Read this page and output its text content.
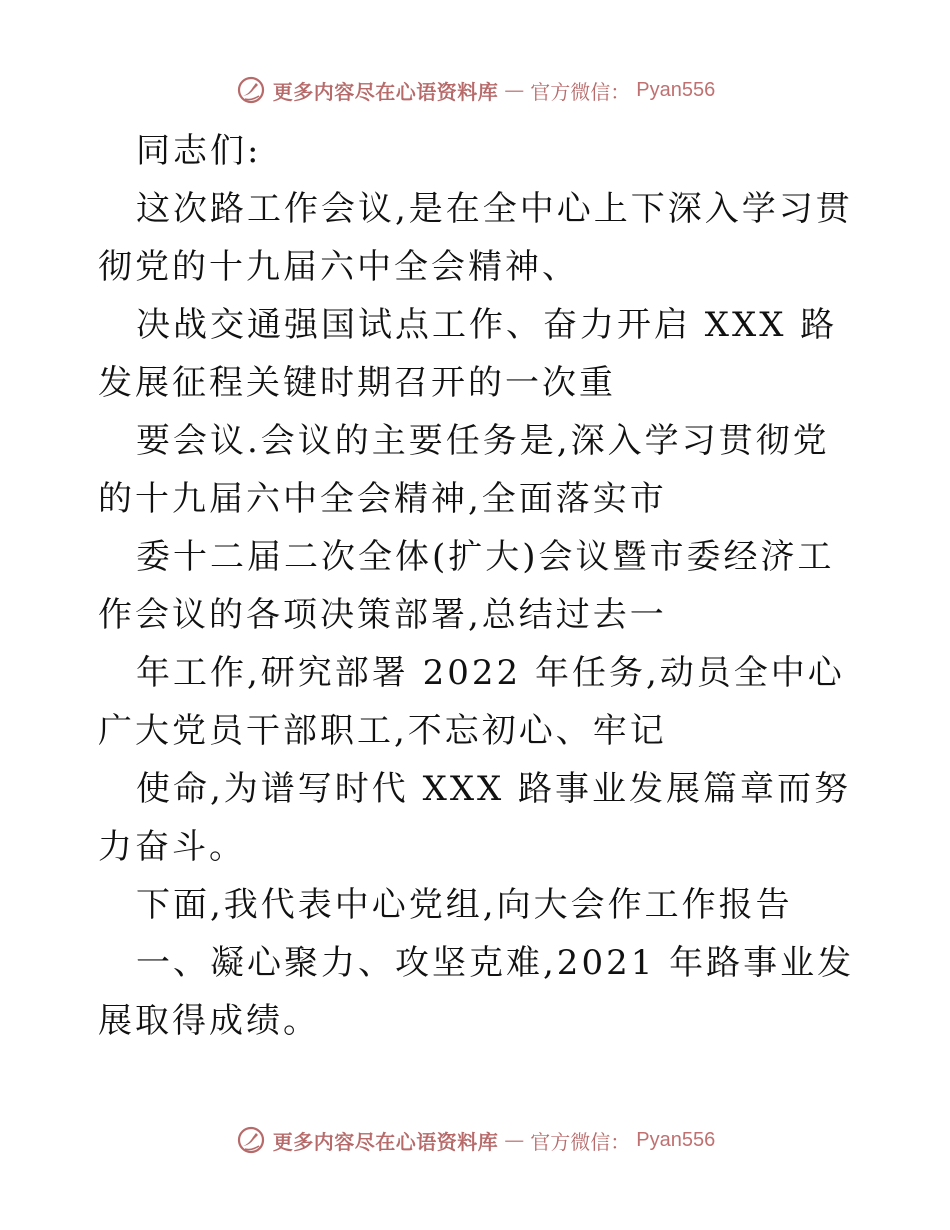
更多内容尽在心语资料库 — 官方微信： Pyan556

同志们:

这次路工作会议,是在全中心上下深入学习贯彻党的十九届六中全会精神、

决战交通强国试点工作、奋力开启 XXX 路发展征程关键时期召开的一次重

要会议.会议的主要任务是,深入学习贯彻党的十九届六中全会精神,全面落实市

委十二届二次全体(扩大)会议暨市委经济工作会议的各项决策部署,总结过去一

年工作,研究部署 2022 年任务,动员全中心广大党员干部职工,不忘初心、牢记

使命,为谱写时代 XXX 路事业发展篇章而努力奋斗。

下面,我代表中心党组,向大会作工作报告

一、凝心聚力、攻坚克难,2021 年路事业发展取得成绩。

更多内容尽在心语资料库 — 官方微信： Pyan556
